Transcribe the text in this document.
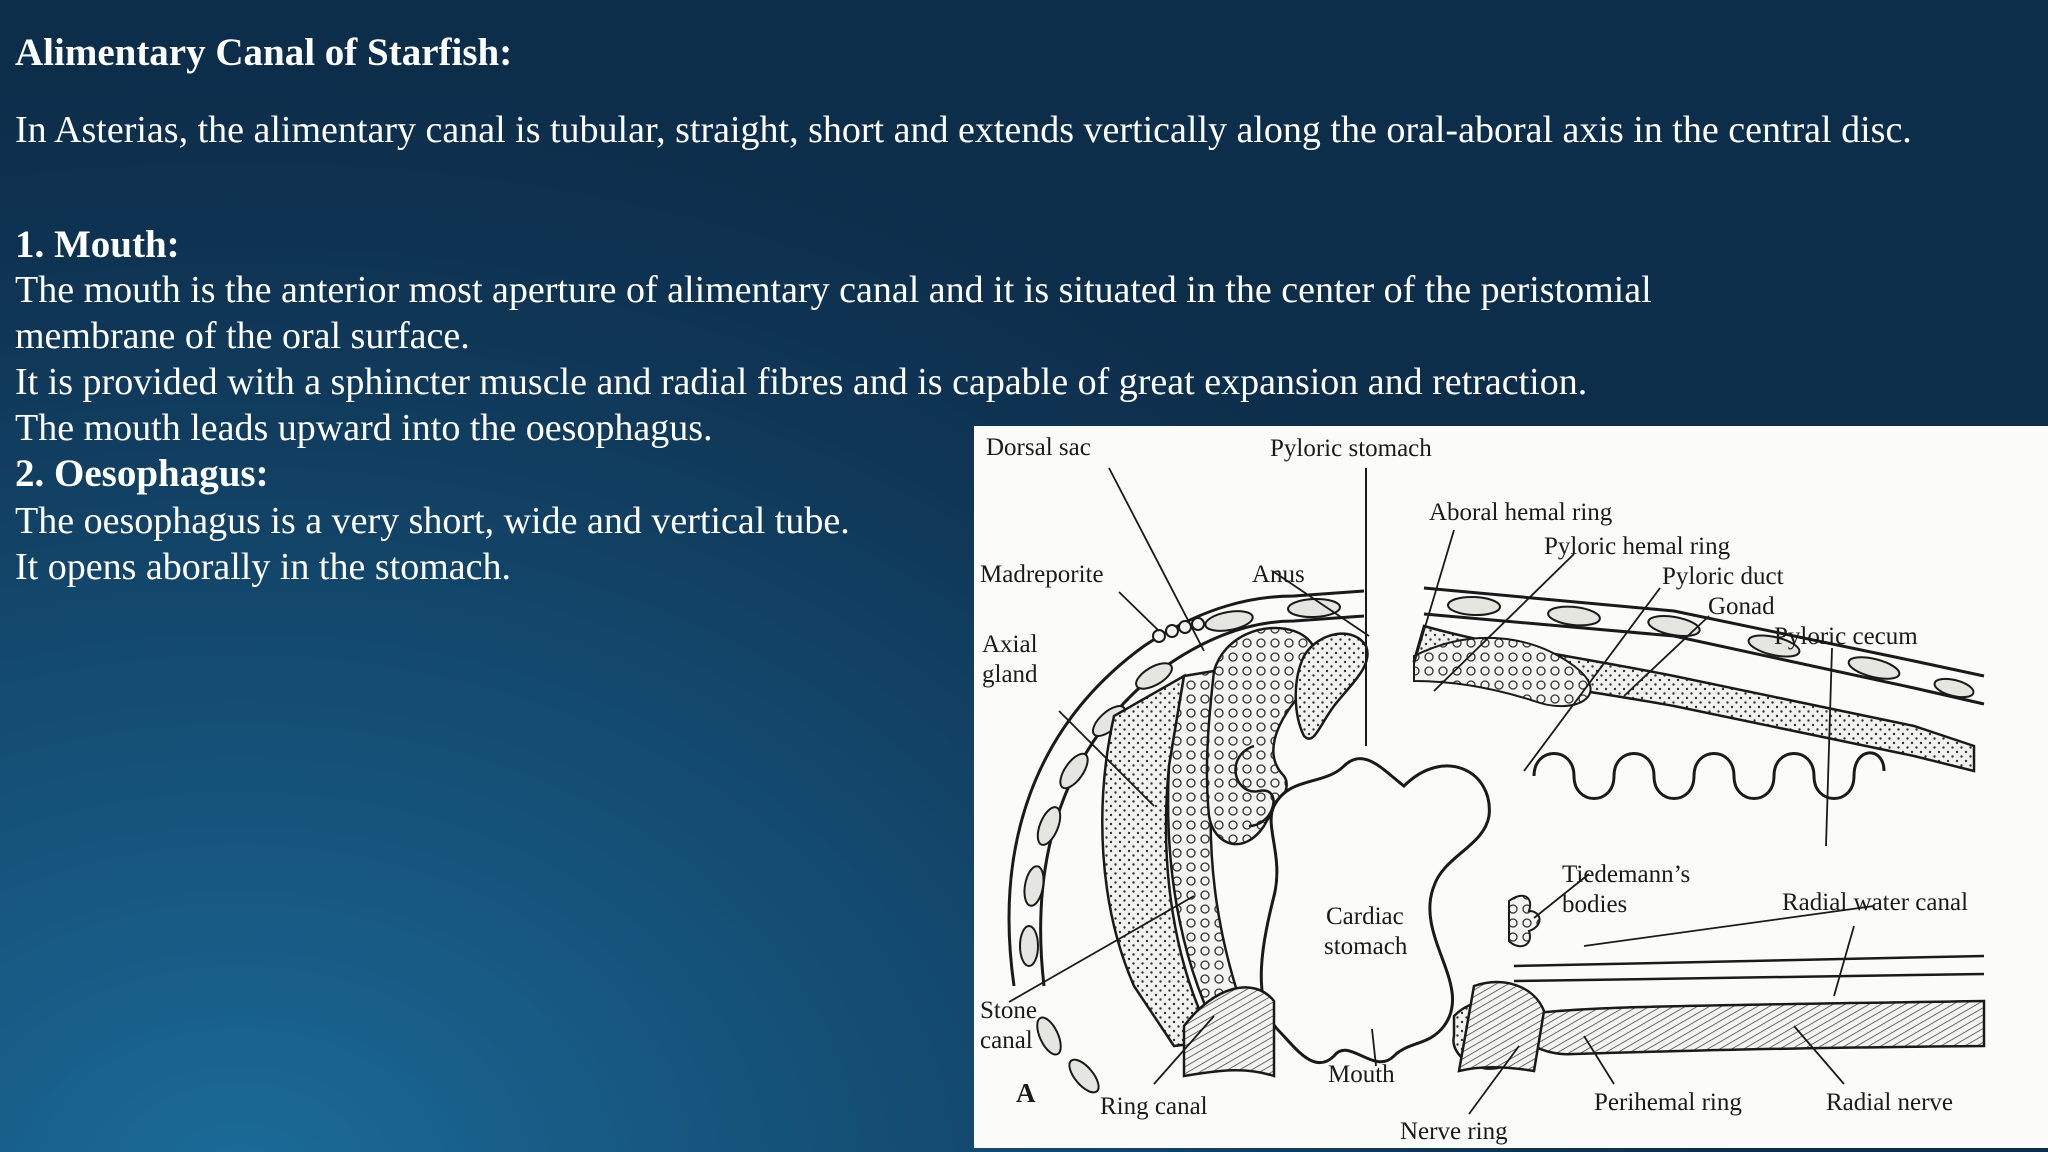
Alimentary Canal of Starfish:

In Asterias, the alimentary canal is tubular, straight, short and extends vertically along the oral-aboral axis in the central disc.

1. Mouth:

The mouth is the anterior most aperture of alimentary canal and it is situated in the center of the peristomial

membrane of the oral surface.

It is provided with a sphincter muscle and radial fibres and is capable of great expansion and retraction.

The mouth leads upward into the oesophagus.

2. Oesophagus:

The oesophagus is a very short, wide and vertical tube.

It opens aborally in the stomach.

Dorsal sac	Pyloric stomach
Aboral hemal ring
Pyloric hemal ring
Madreporite	Anus	Pyloric duct
Gonad
Axial
gland
Pyloric cecum
Tiedemann’s
bodies	Radial water canal
Cardiac
stomach
Stone
canal
Mouth
A	Ring canal	Perihemal ring	Radial nerve
Nerve ring
